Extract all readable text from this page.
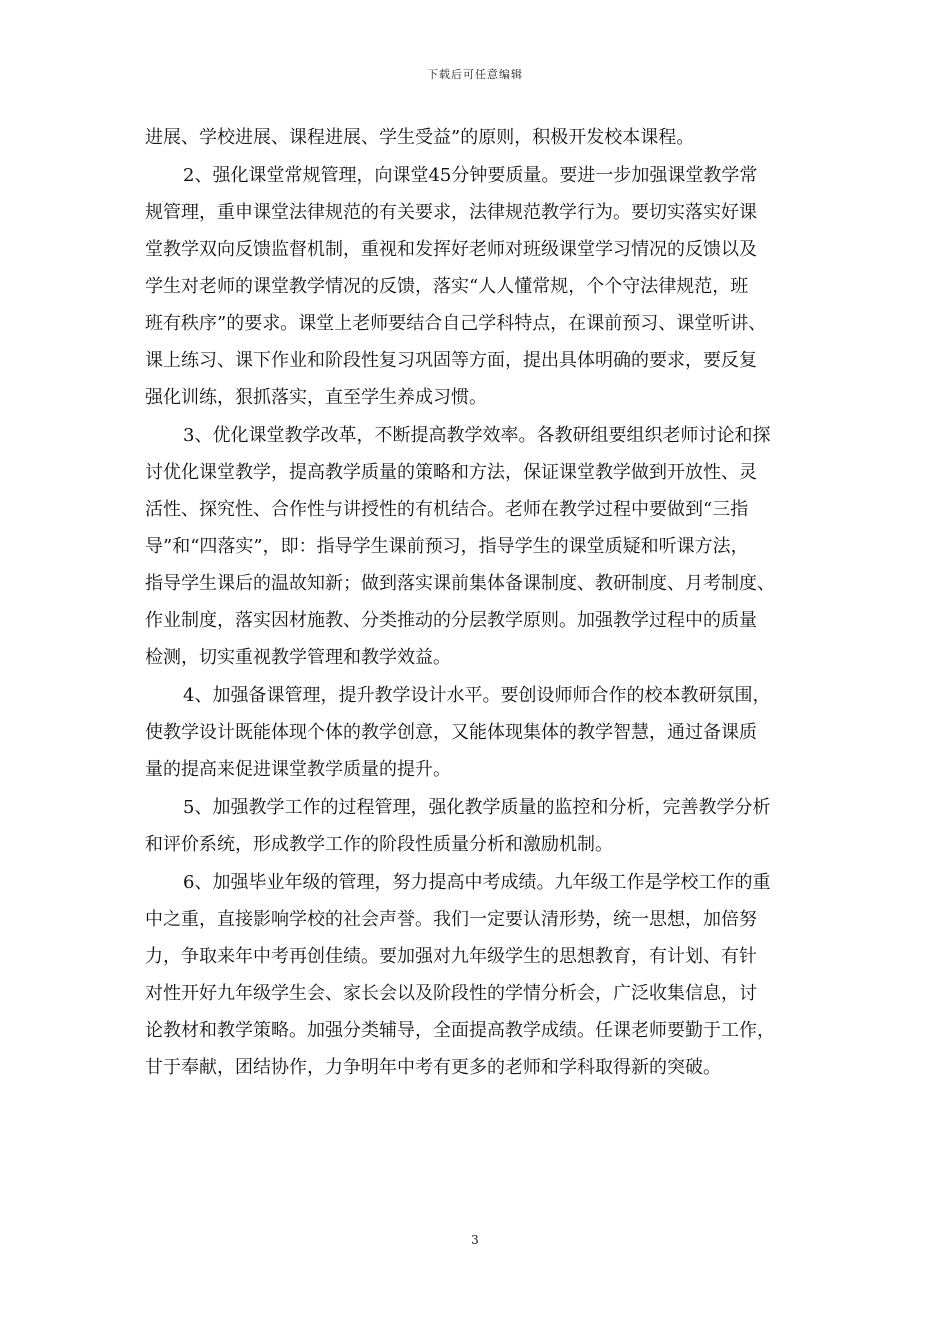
下载后可任意编辑
进展、学校进展、课程进展、学生受益”的原则，积极开发校本课程。
2、强化课堂常规管理，向课堂45分钟要质量。要进一步加强课堂教学常
规管理，重申课堂法律规范的有关要求，法律规范教学行为。要切实落实好课
堂教学双向反馈监督机制，重视和发挥好老师对班级课堂学习情况的反馈以及
学生对老师的课堂教学情况的反馈，落实“人人懂常规，个个守法律规范，班
班有秩序”的要求。课堂上老师要结合自己学科特点，在课前预习、课堂听讲、
课上练习、课下作业和阶段性复习巩固等方面，提出具体明确的要求，要反复
强化训练，狠抓落实，直至学生养成习惯。
3、优化课堂教学改革，不断提高教学效率。各教研组要组织老师讨论和探
讨优化课堂教学，提高教学质量的策略和方法，保证课堂教学做到开放性、灵
活性、探究性、合作性与讲授性的有机结合。老师在教学过程中要做到“三指
导”和“四落实”，即：指导学生课前预习，指导学生的课堂质疑和听课方法，
指导学生课后的温故知新；做到落实课前集体备课制度、教研制度、月考制度、
作业制度，落实因材施教、分类推动的分层教学原则。加强教学过程中的质量
检测，切实重视教学管理和教学效益。
4、加强备课管理，提升教学设计水平。要创设师师合作的校本教研氛围，
使教学设计既能体现个体的教学创意，又能体现集体的教学智慧，通过备课质
量的提高来促进课堂教学质量的提升。
5、加强教学工作的过程管理，强化教学质量的监控和分析，完善教学分析
和评价系统，形成教学工作的阶段性质量分析和激励机制。
6、加强毕业年级的管理，努力提高中考成绩。九年级工作是学校工作的重
中之重，直接影响学校的社会声誉。我们一定要认清形势，统一思想，加倍努
力，争取来年中考再创佳绩。要加强对九年级学生的思想教育，有计划、有针
对性开好九年级学生会、家长会以及阶段性的学情分析会，广泛收集信息，讨
论教材和教学策略。加强分类辅导，全面提高教学成绩。任课老师要勤于工作，
甘于奉献，团结协作，力争明年中考有更多的老师和学科取得新的突破。
3
